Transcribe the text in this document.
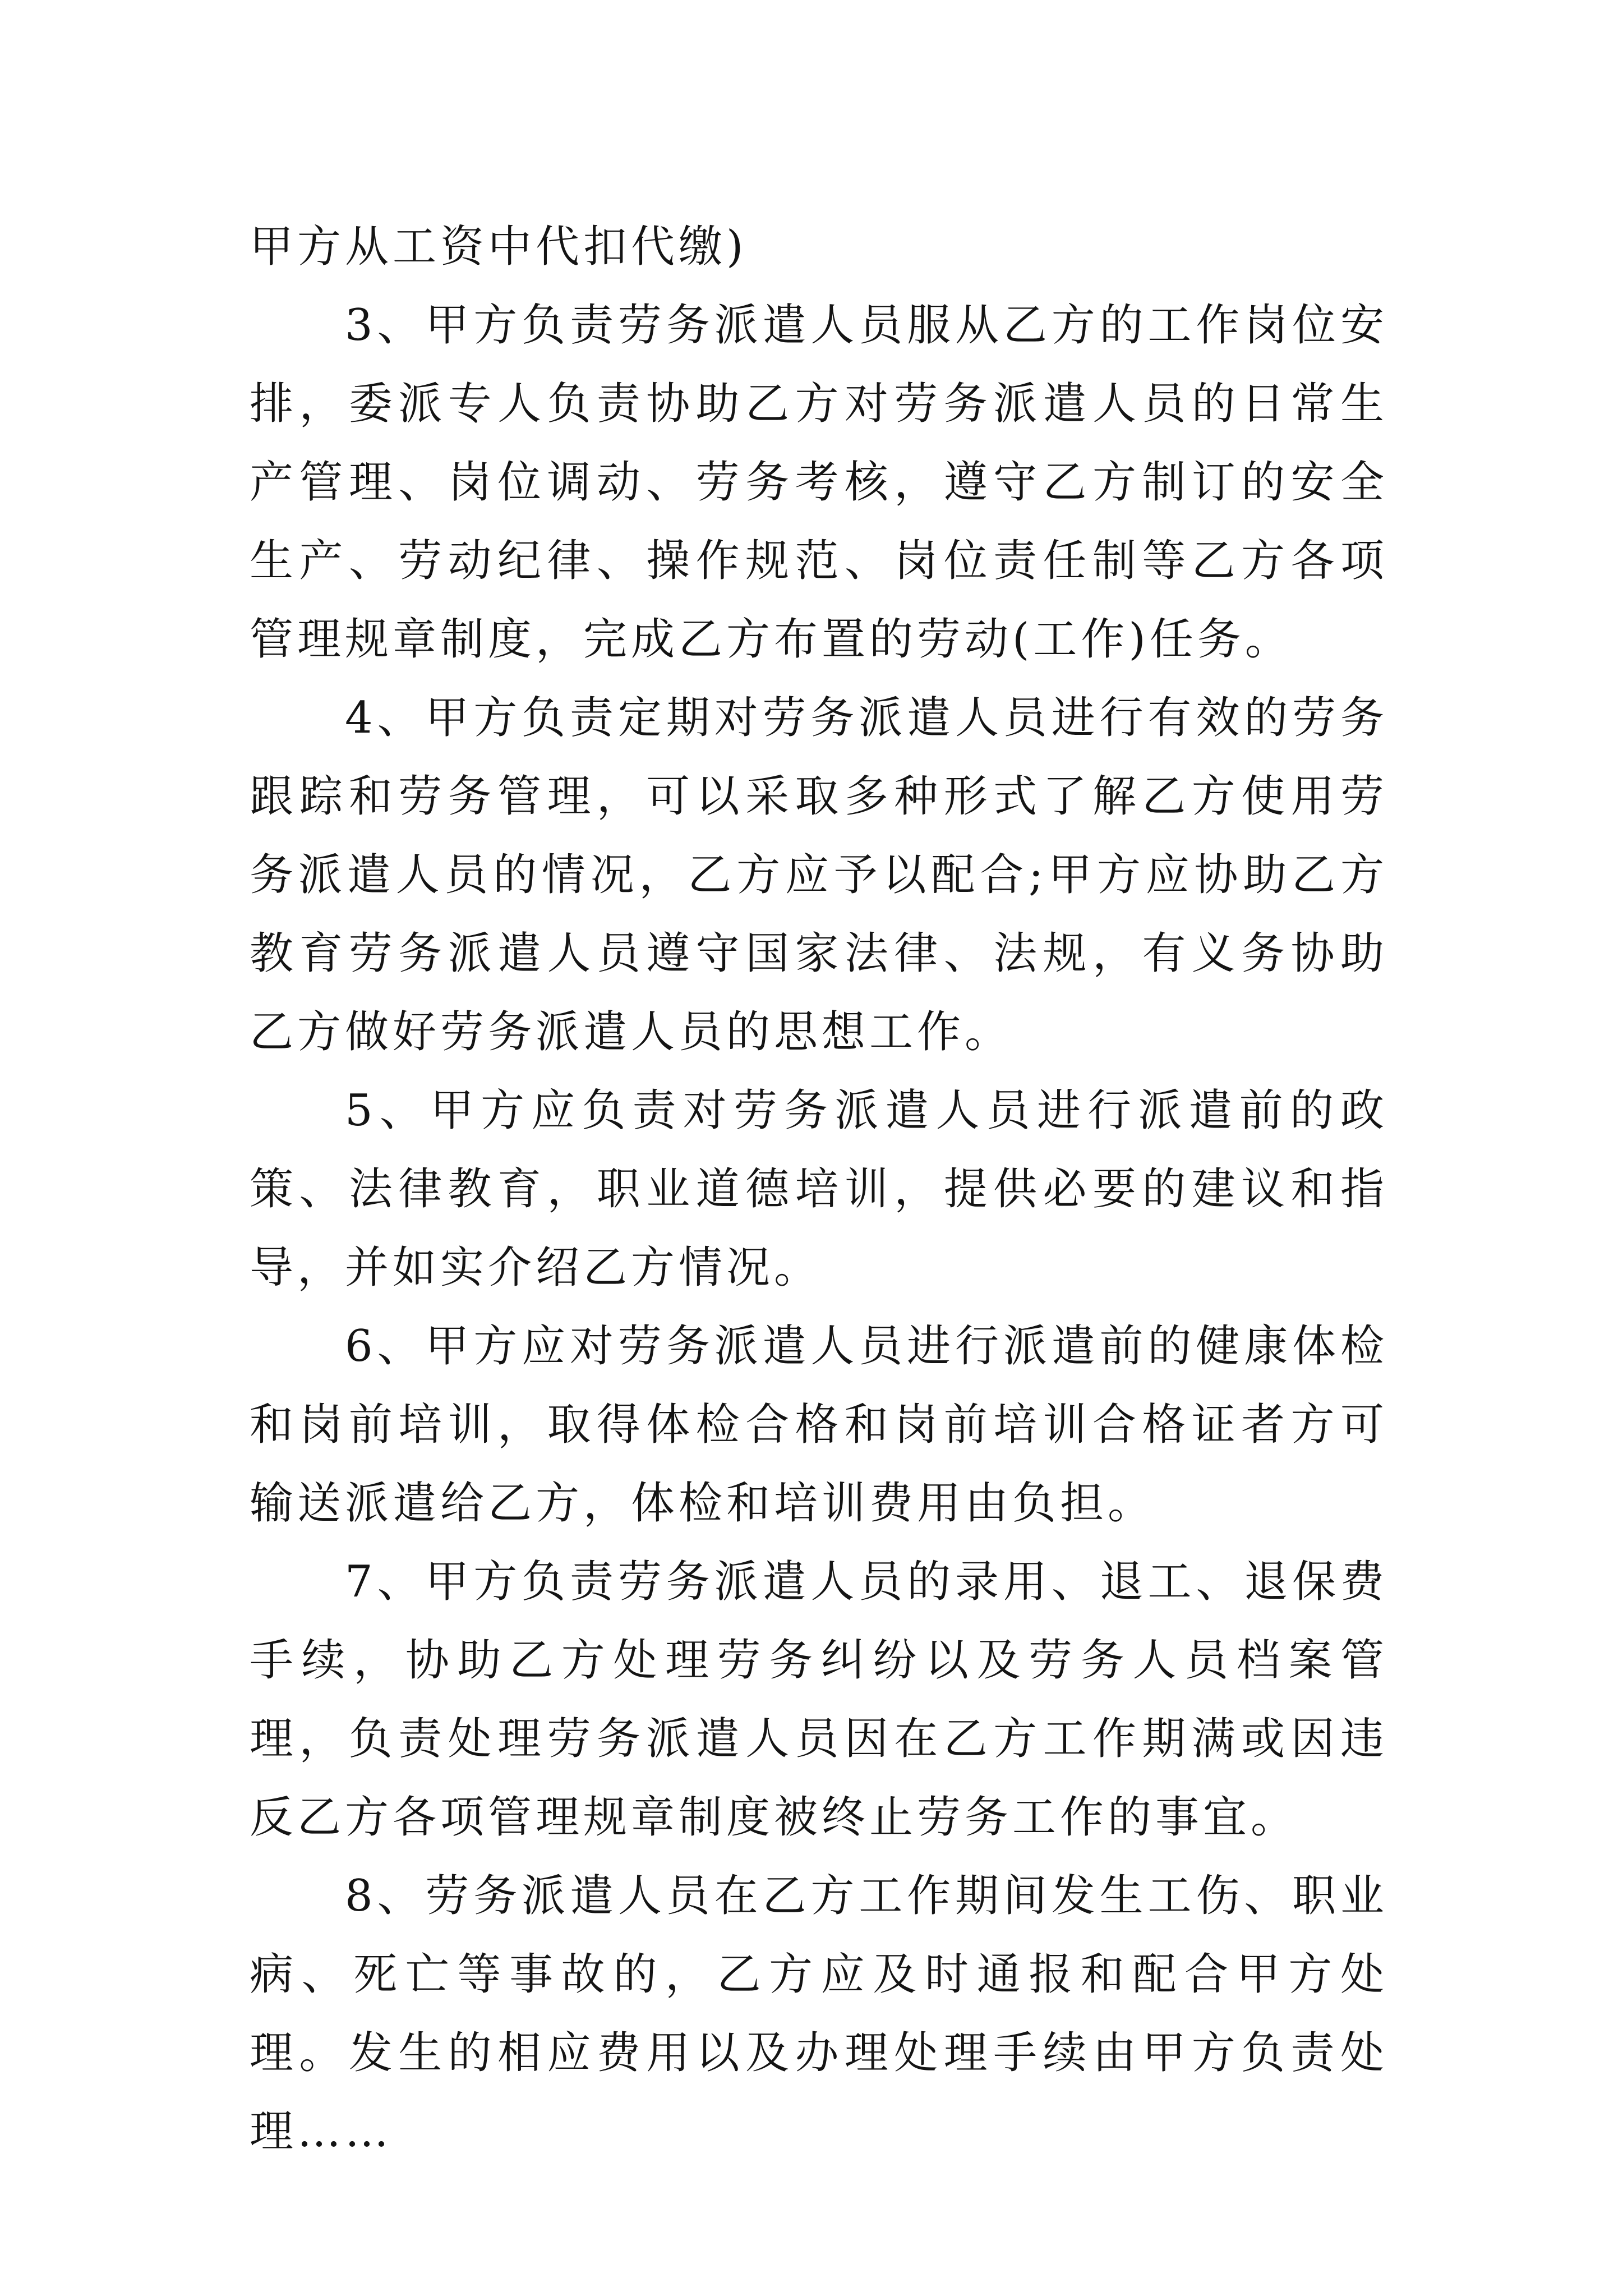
甲方从工资中代扣代缴)

3、甲方负责劳务派遣人员服从乙方的工作岗位安排，委派专人负责协助乙方对劳务派遣人员的日常生产管理、岗位调动、劳务考核，遵守乙方制订的安全生产、劳动纪律、操作规范、岗位责任制等乙方各项管理规章制度，完成乙方布置的劳动(工作)任务。

4、甲方负责定期对劳务派遣人员进行有效的劳务跟踪和劳务管理，可以采取多种形式了解乙方使用劳务派遣人员的情况，乙方应予以配合;甲方应协助乙方教育劳务派遣人员遵守国家法律、法规，有义务协助乙方做好劳务派遣人员的思想工作。

5、甲方应负责对劳务派遣人员进行派遣前的政策、法律教育，职业道德培训，提供必要的建议和指导，并如实介绍乙方情况。

6、甲方应对劳务派遣人员进行派遣前的健康体检和岗前培训，取得体检合格和岗前培训合格证者方可输送派遣给乙方，体检和培训费用由负担。

7、甲方负责劳务派遣人员的录用、退工、退保费手续，协助乙方处理劳务纠纷以及劳务人员档案管理，负责处理劳务派遣人员因在乙方工作期满或因违反乙方各项管理规章制度被终止劳务工作的事宜。

8、劳务派遣人员在乙方工作期间发生工伤、职业病、死亡等事故的，乙方应及时通报和配合甲方处理。发生的相应费用以及办理处理手续由甲方负责处理……
